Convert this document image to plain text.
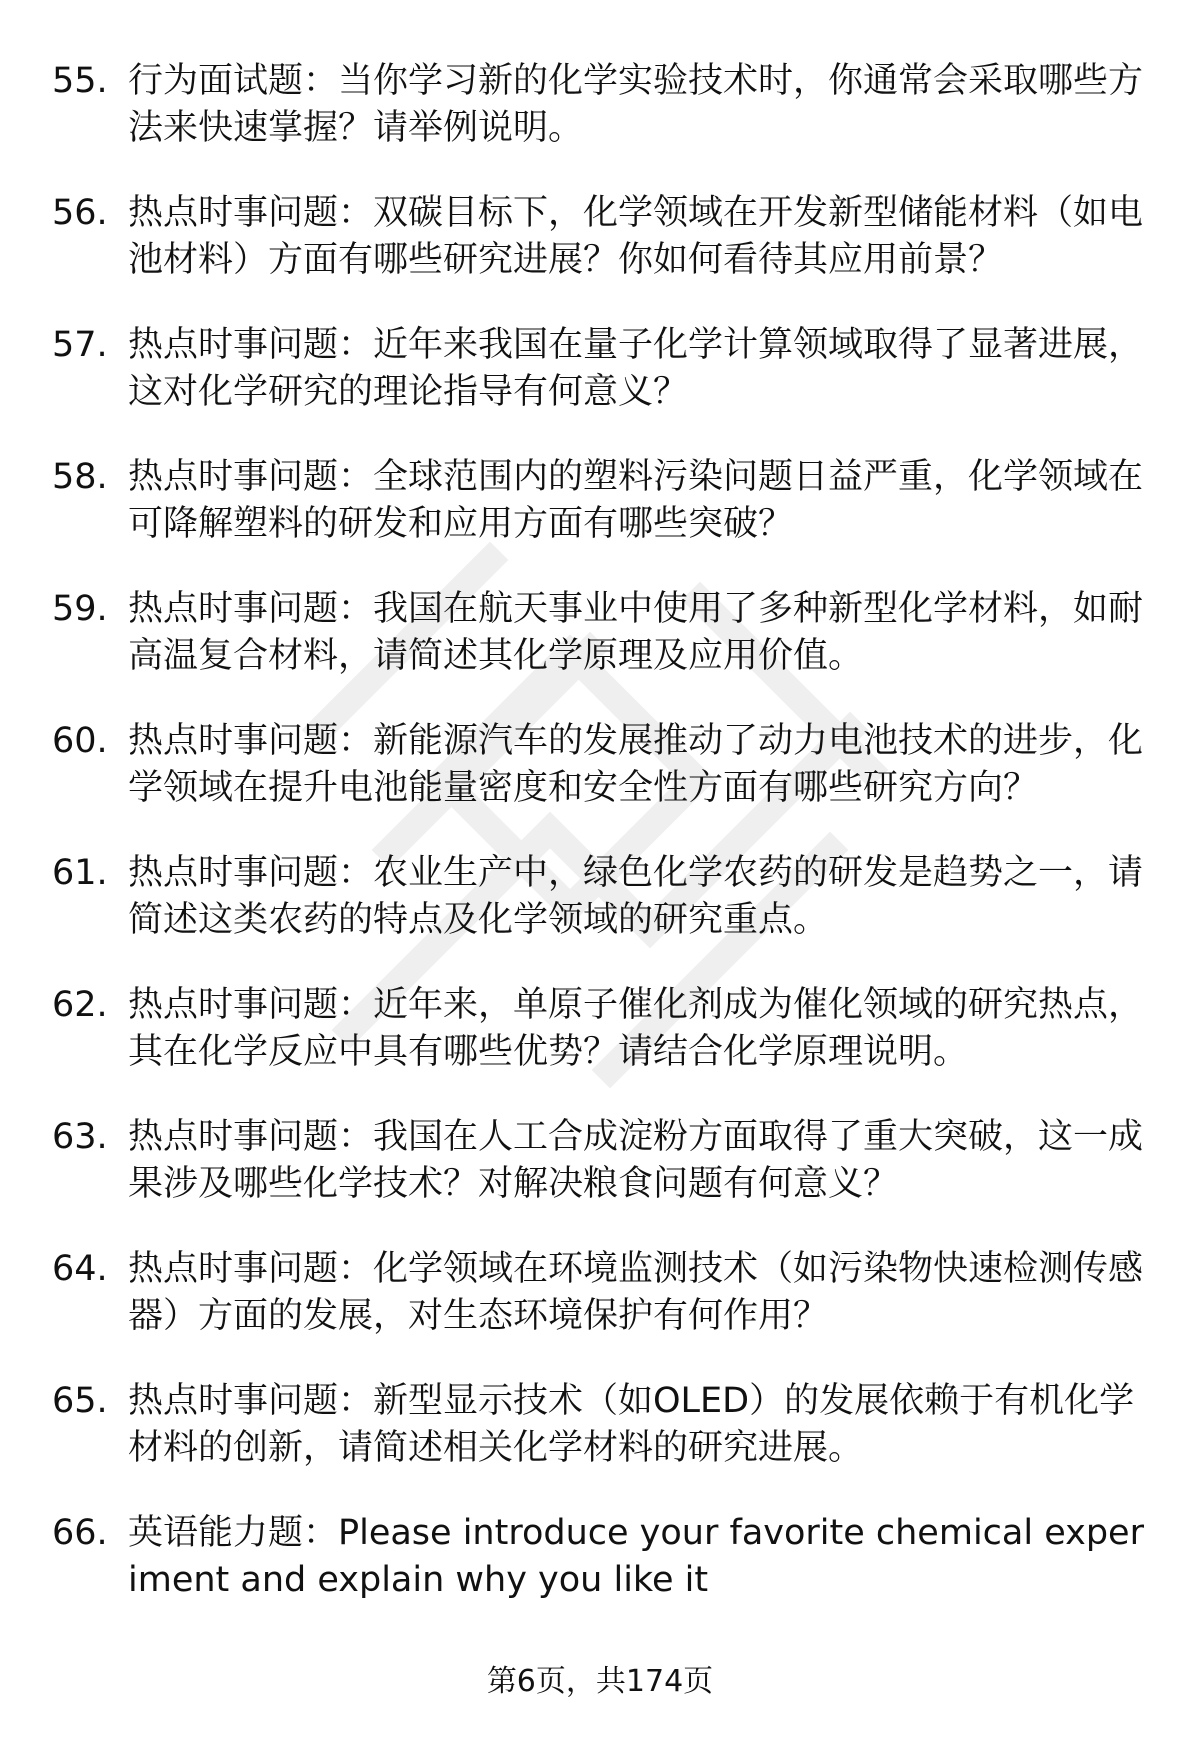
55. 行为面试题：当你学习新的化学实验技术时，你通常会采取哪些方法来快速掌握？请举例说明。
56. 热点时事问题：双碳目标下，化学领域在开发新型储能材料（如电池材料）方面有哪些研究进展？你如何看待其应用前景？
57. 热点时事问题：近年来我国在量子化学计算领域取得了显著进展，这对化学研究的理论指导有何意义？
58. 热点时事问题：全球范围内的塑料污染问题日益严重，化学领域在可降解塑料的研发和应用方面有哪些突破？
59. 热点时事问题：我国在航天事业中使用了多种新型化学材料，如耐高温复合材料，请简述其化学原理及应用价值。
60. 热点时事问题：新能源汽车的发展推动了动力电池技术的进步，化学领域在提升电池能量密度和安全性方面有哪些研究方向？
61. 热点时事问题：农业生产中，绿色化学农药的研发是趋势之一，请简述这类农药的特点及化学领域的研究重点。
62. 热点时事问题：近年来，单原子催化剂成为催化领域的研究热点，其在化学反应中具有哪些优势？请结合化学原理说明。
63. 热点时事问题：我国在人工合成淀粉方面取得了重大突破，这一成果涉及哪些化学技术？对解决粮食问题有何意义？
64. 热点时事问题：化学领域在环境监测技术（如污染物快速检测传感器）方面的发展，对生态环境保护有何作用？
65. 热点时事问题：新型显示技术（如OLED）的发展依赖于有机化学材料的创新，请简述相关化学材料的研究进展。
66. 英语能力题：Please introduce your favorite chemical experiment and explain why you like it
第6页，共174页
